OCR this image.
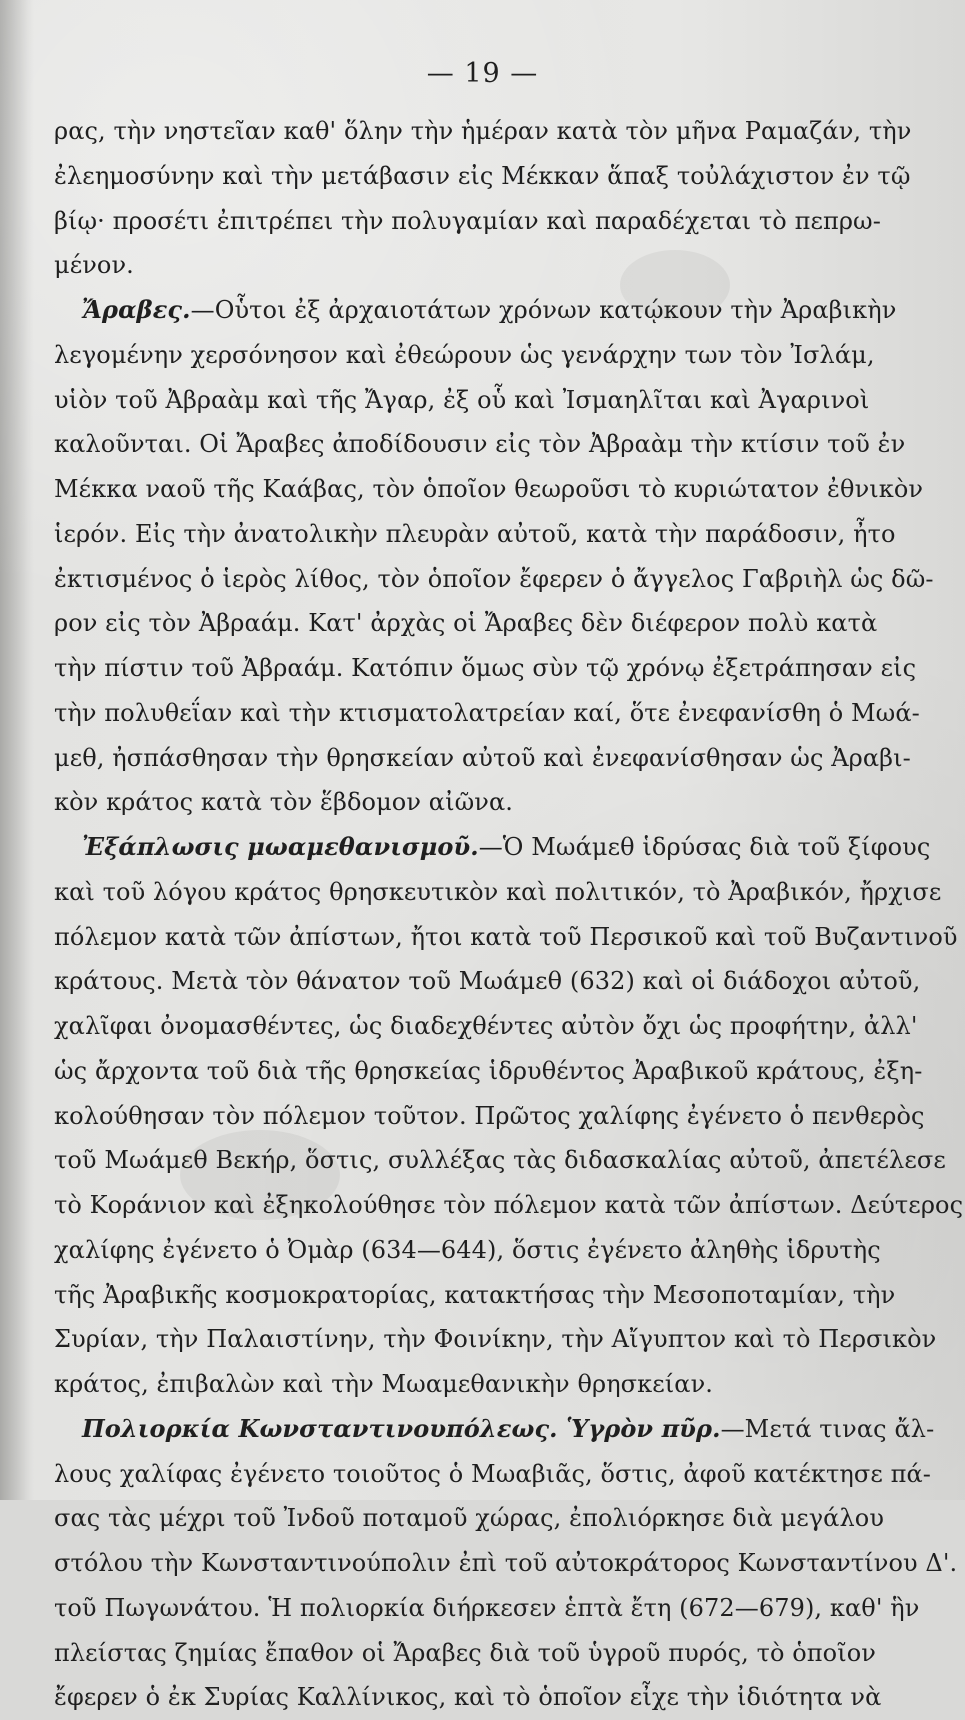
— 19 —
ρας, τὴν νηστεῖαν καθ' ὅλην τὴν ἡμέραν κατὰ τὸν μῆνα Ραμαζάν, τὴν
ἐλεημοσύνην καὶ τὴν μετάβασιν εἰς Μέκκαν ἅπαξ τοὐλάχιστον ἐν τῷ
βίῳ· προσέτι ἐπιτρέπει τὴν πολυγαμίαν καὶ παραδέχεται τὸ πεπρω-
μένον.
Ἄραβες.—Οὗτοι ἐξ ἀρχαιοτάτων χρόνων κατῴκουν τὴν Ἀραβικὴν
λεγομένην χερσόνησον καὶ ἐθεώρουν ὡς γενάρχην των τὸν Ἰσλάμ,
υἱὸν τοῦ Ἀβραὰμ καὶ τῆς Ἄγαρ, ἐξ οὗ καὶ Ἰσμαηλῖται καὶ Ἀγαρινοὶ
καλοῦνται. Οἱ Ἄραβες ἀποδίδουσιν εἰς τὸν Ἀβραὰμ τὴν κτίσιν τοῦ ἐν
Μέκκα ναοῦ τῆς Καάβας, τὸν ὁποῖον θεωροῦσι τὸ κυριώτατον ἐθνικὸν
ἱερόν. Εἰς τὴν ἀνατολικὴν πλευρὰν αὐτοῦ, κατὰ τὴν παράδοσιν, ἦτο
ἐκτισμένος ὁ ἱερὸς λίθος, τὸν ὁποῖον ἔφερεν ὁ ἄγγελος Γαβριὴλ ὡς δῶ-
ρον εἰς τὸν Ἀβραάμ. Κατ' ἀρχὰς οἱ Ἄραβες δὲν διέφερον πολὺ κατὰ
τὴν πίστιν τοῦ Ἀβραάμ. Κατόπιν ὅμως σὺν τῷ χρόνῳ ἐξετράπησαν εἰς
τὴν πολυθεΐαν καὶ τὴν κτισματολατρείαν καί, ὅτε ἐνεφανίσθη ὁ Μωά-
μεθ, ἠσπάσθησαν τὴν θρησκείαν αὐτοῦ καὶ ἐνεφανίσθησαν ὡς Ἀραβι-
κὸν κράτος κατὰ τὸν ἕβδομον αἰῶνα.
Ἐξάπλωσις μωαμεθανισμοῦ.—Ὁ Μωάμεθ ἱδρύσας διὰ τοῦ ξίφους
καὶ τοῦ λόγου κράτος θρησκευτικὸν καὶ πολιτικόν, τὸ Ἀραβικόν, ἤρχισε
πόλεμον κατὰ τῶν ἀπίστων, ἤτοι κατὰ τοῦ Περσικοῦ καὶ τοῦ Βυζαντινοῦ
κράτους. Μετὰ τὸν θάνατον τοῦ Μωάμεθ (632) καὶ οἱ διάδοχοι αὐτοῦ,
χαλῖφαι ὀνομασθέντες, ὡς διαδεχθέντες αὐτὸν ὄχι ὡς προφήτην, ἀλλ'
ὡς ἄρχοντα τοῦ διὰ τῆς θρησκείας ἱδρυθέντος Ἀραβικοῦ κράτους, ἐξη-
κολούθησαν τὸν πόλεμον τοῦτον. Πρῶτος χαλίφης ἐγένετο ὁ πενθερὸς
τοῦ Μωάμεθ Βεκήρ, ὅστις, συλλέξας τὰς διδασκαλίας αὐτοῦ, ἀπετέλεσε
τὸ Κοράνιον καὶ ἐξηκολούθησε τὸν πόλεμον κατὰ τῶν ἀπίστων. Δεύτερος
χαλίφης ἐγένετο ὁ Ὀμὰρ (634—644), ὅστις ἐγένετο ἀληθὴς ἱδρυτὴς
τῆς Ἀραβικῆς κοσμοκρατορίας, κατακτήσας τὴν Μεσοποταμίαν, τὴν
Συρίαν, τὴν Παλαιστίνην, τὴν Φοινίκην, τὴν Αἴγυπτον καὶ τὸ Περσικὸν
κράτος, ἐπιβαλὼν καὶ τὴν Μωαμεθανικὴν θρησκείαν.
Πολιορκία Κωνσταντινουπόλεως. Ὑγρὸν πῦρ.—Μετά τινας ἄλ-
λους χαλίφας ἐγένετο τοιοῦτος ὁ Μωαβιᾶς, ὅστις, ἀφοῦ κατέκτησε πά-
σας τὰς μέχρι τοῦ Ἰνδοῦ ποταμοῦ χώρας, ἐπολιόρκησε διὰ μεγάλου
στόλου τὴν Κωνσταντινούπολιν ἐπὶ τοῦ αὐτοκράτορος Κωνσταντίνου Δ'.
τοῦ Πωγωνάτου. Ἡ πολιορκία διήρκεσεν ἑπτὰ ἔτη (672—679), καθ' ἣν
πλείστας ζημίας ἔπαθον οἱ Ἄραβες διὰ τοῦ ὑγροῦ πυρός, τὸ ὁποῖον
ἔφερεν ὁ ἐκ Συρίας Καλλίνικος, καὶ τὸ ὁποῖον εἶχε τὴν ἰδιότητα νὰ
